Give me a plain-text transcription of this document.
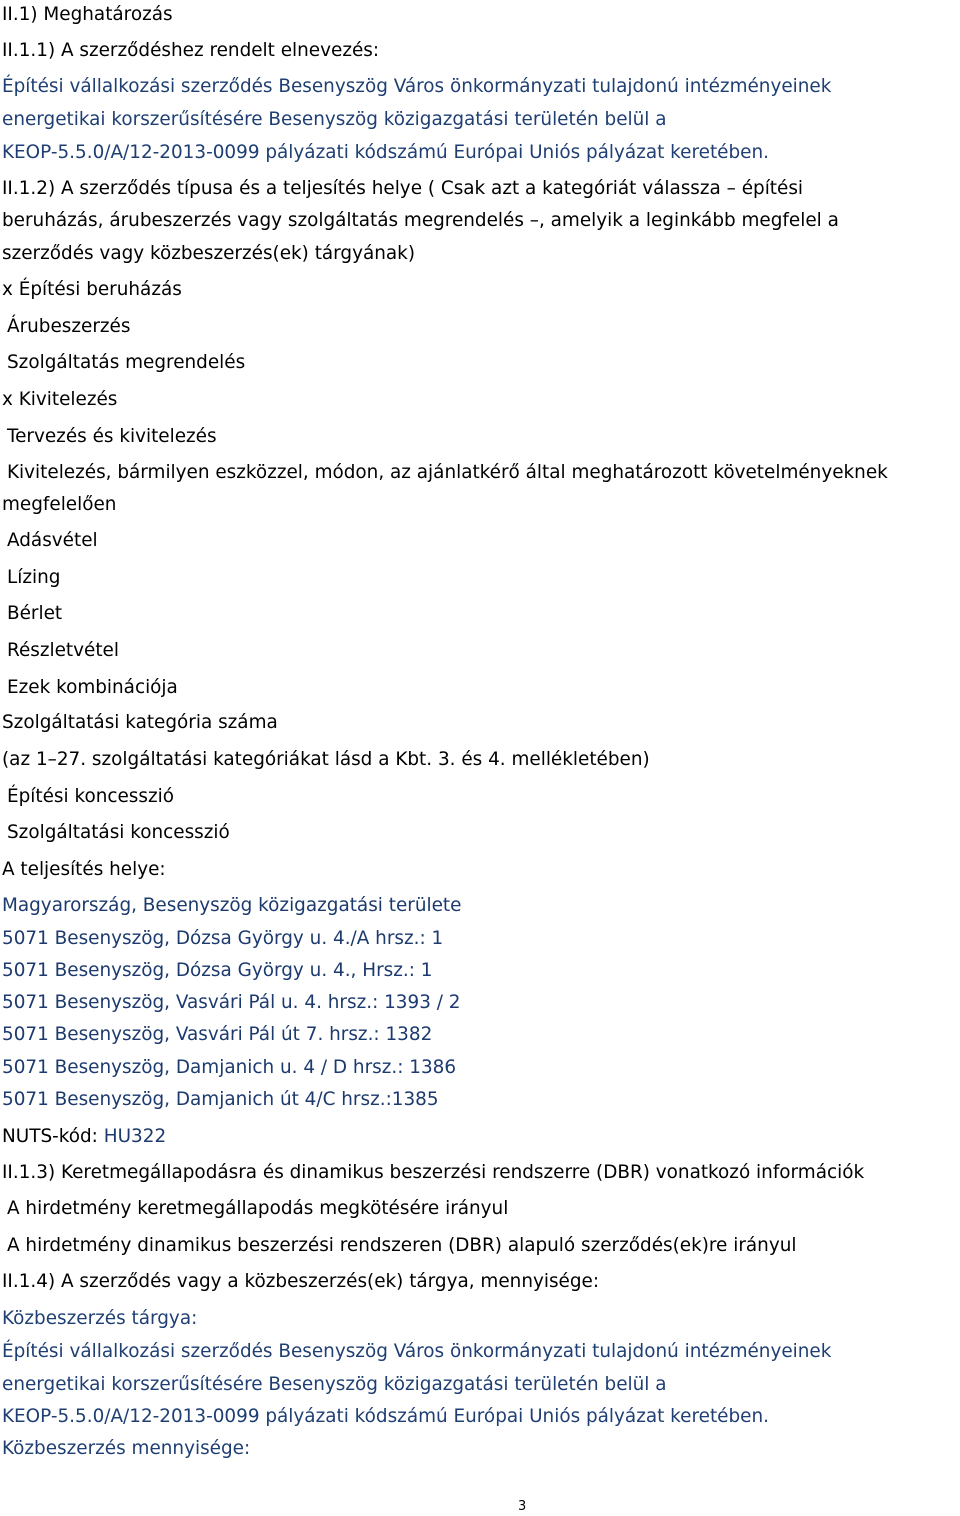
II.1) Meghatározás
II.1.1) A szerződéshez rendelt elnevezés:
Építési vállalkozási szerződés Besenyszög Város önkormányzati tulajdonú intézményeinek
energetikai korszerűsítésére Besenyszög közigazgatási területén belül a
KEOP-5.5.0/A/12-2013-0099 pályázati kódszámú Európai Uniós pályázat keretében.
II.1.2) A szerződés típusa és a teljesítés helye ( Csak azt a kategóriát válassza – építési
beruházás, árubeszerzés vagy szolgáltatás megrendelés –, amelyik a leginkább megfelel a
szerződés vagy közbeszerzés(ek) tárgyának)
x Építési beruházás
Árubeszerzés
Szolgáltatás megrendelés
x Kivitelezés
Tervezés és kivitelezés
Kivitelezés, bármilyen eszközzel, módon, az ajánlatkérő által meghatározott követelményeknek
megfelelően
Adásvétel
Lízing
Bérlet
Részletvétel
Ezek kombinációja
Szolgáltatási kategória száma
(az 1–27. szolgáltatási kategóriákat lásd a Kbt. 3. és 4. mellékletében)
Építési koncesszió
Szolgáltatási koncesszió
A teljesítés helye:
Magyarország, Besenyszög közigazgatási területe
5071 Besenyszög, Dózsa György u. 4./A hrsz.: 1
5071 Besenyszög, Dózsa György u. 4., Hrsz.: 1
5071 Besenyszög, Vasvári Pál u. 4. hrsz.: 1393 / 2
5071 Besenyszög, Vasvári Pál út 7. hrsz.: 1382
5071 Besenyszög, Damjanich u. 4 / D hrsz.: 1386
5071 Besenyszög, Damjanich út 4/C hrsz.:1385
NUTS-kód: HU322
II.1.3) Keretmegállapodásra és dinamikus beszerzési rendszerre (DBR) vonatkozó információk
A hirdetmény keretmegállapodás megkötésére irányul
A hirdetmény dinamikus beszerzési rendszeren (DBR) alapuló szerződés(ek)re irányul
II.1.4) A szerződés vagy a közbeszerzés(ek) tárgya, mennyisége:
Közbeszerzés tárgya:
Építési vállalkozási szerződés Besenyszög Város önkormányzati tulajdonú intézményeinek
energetikai korszerűsítésére Besenyszög közigazgatási területén belül a
KEOP-5.5.0/A/12-2013-0099 pályázati kódszámú Európai Uniós pályázat keretében.
Közbeszerzés mennyisége:
3
